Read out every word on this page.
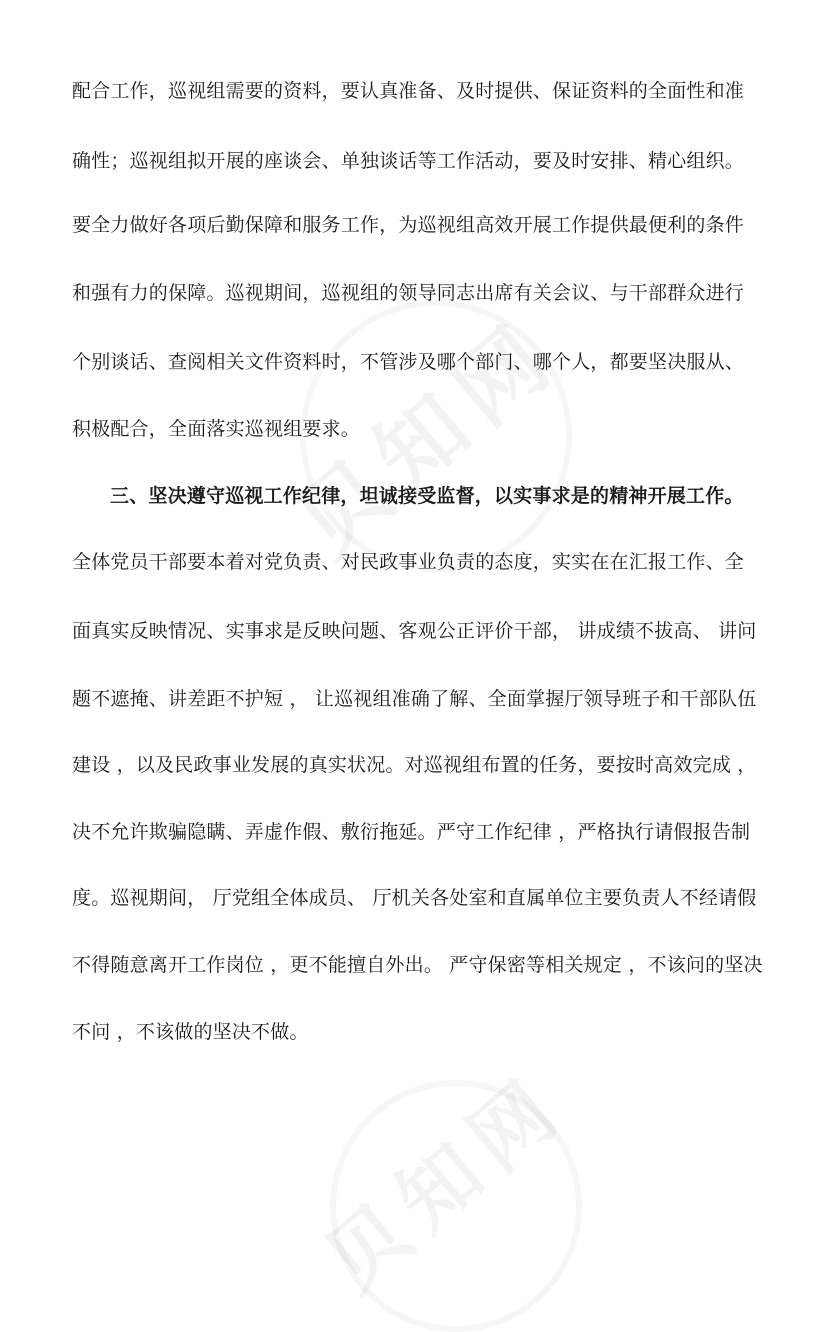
配合工作，巡视组需要的资料，要认真准备、及时提供、保证资料的全面性和准
确性；巡视组拟开展的座谈会、单独谈话等工作活动，要及时安排、精心组织。
要全力做好各项后勤保障和服务工作，为巡视组高效开展工作提供最便利的条件
和强有力的保障。巡视期间，巡视组的领导同志出席有关会议、与干部群众进行
个别谈话、查阅相关文件资料时，不管涉及哪个部门、哪个人，都要坚决服从、
积极配合，全面落实巡视组要求。
三、坚决遵守巡视工作纪律，坦诚接受监督，以实事求是的精神开展工作。
全体党员干部要本着对党负责、对民政事业负责的态度，实实在在汇报工作、全
面真实反映情况、实事求是反映问题、客观公正评价干部， 讲成绩不拔高、 讲问
题不遮掩、讲差距不护短 ， 让巡视组准确了解、全面掌握厅领导班子和干部队伍
建设 ，以及民政事业发展的真实状况。对巡视组布置的任务，要按时高效完成 ，
决不允许欺骗隐瞒、弄虚作假、敷衍拖延。严守工作纪律 ，严格执行请假报告制
度。巡视期间， 厅党组全体成员、 厅机关各处室和直属单位主要负责人不经请假
不得随意离开工作岗位 ，更不能擅自外出。 严守保密等相关规定 ，不该问的坚决
不问 ，不该做的坚决不做。
